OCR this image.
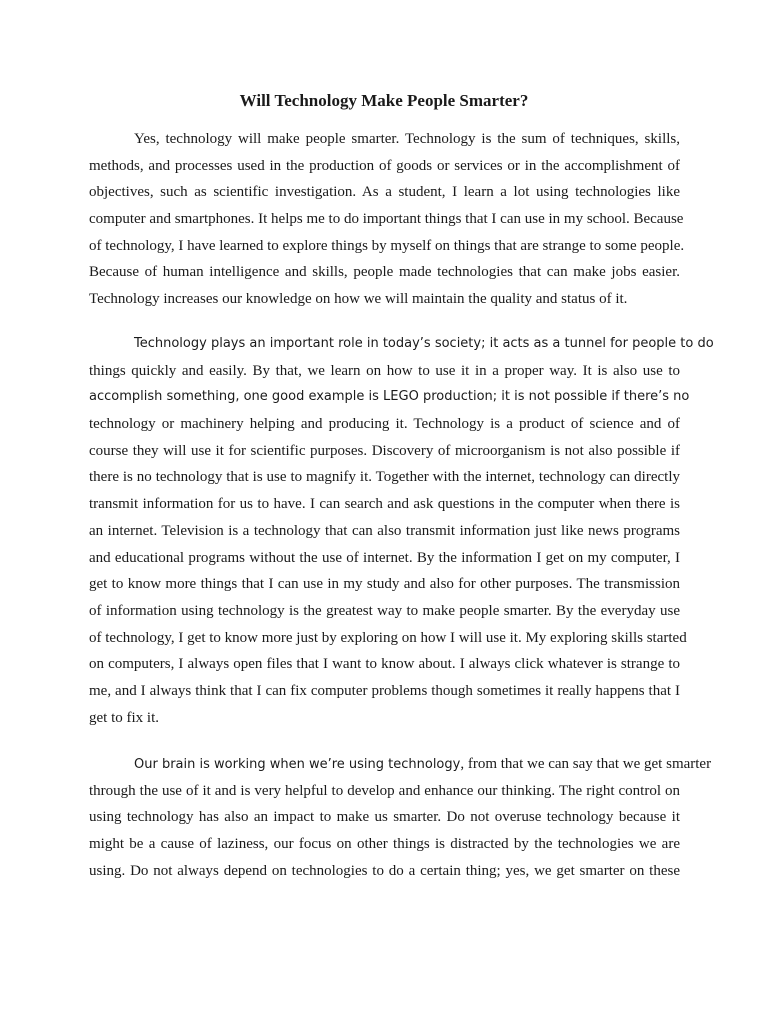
Will Technology Make People Smarter?
Yes, technology will make people smarter. Technology is the sum of techniques, skills,
methods, and processes used in the production of goods or services or in the accomplishment of
objectives, such as scientific investigation. As a student, I learn a lot using technologies like
computer and smartphones. It helps me to do important things that I can use in my school. Because
of technology, I have learned to explore things by myself on things that are strange to some people.
Because of human intelligence and skills, people made technologies that can make jobs easier.
Technology increases our knowledge on how we will maintain the quality and status of it.
Technology plays an important role in today’s society; it acts as a tunnel for people to do
things quickly and easily. By that, we learn on how to use it in a proper way. It is also use to
accomplish something, one good example is LEGO production; it is not possible if there’s no
technology or machinery helping and producing it. Technology is a product of science and of
course they will use it for scientific purposes. Discovery of microorganism is not also possible if
there is no technology that is use to magnify it. Together with the internet, technology can directly
transmit information for us to have. I can search and ask questions in the computer when there is
an internet. Television is a technology that can also transmit information just like news programs
and educational programs without the use of internet. By the information I get on my computer, I
get to know more things that I can use in my study and also for other purposes. The transmission
of information using technology is the greatest way to make people smarter. By the everyday use
of technology, I get to know more just by exploring on how I will use it. My exploring skills started
on computers, I always open files that I want to know about. I always click whatever is strange to
me, and I always think that I can fix computer problems though sometimes it really happens that I
get to fix it.
Our brain is working when we’re using technology, from that we can say that we get smarter
through the use of it and is very helpful to develop and enhance our thinking. The right control on
using technology has also an impact to make us smarter. Do not overuse technology because it
might be a cause of laziness, our focus on other things is distracted by the technologies we are
using. Do not always depend on technologies to do a certain thing; yes, we get smarter on these
